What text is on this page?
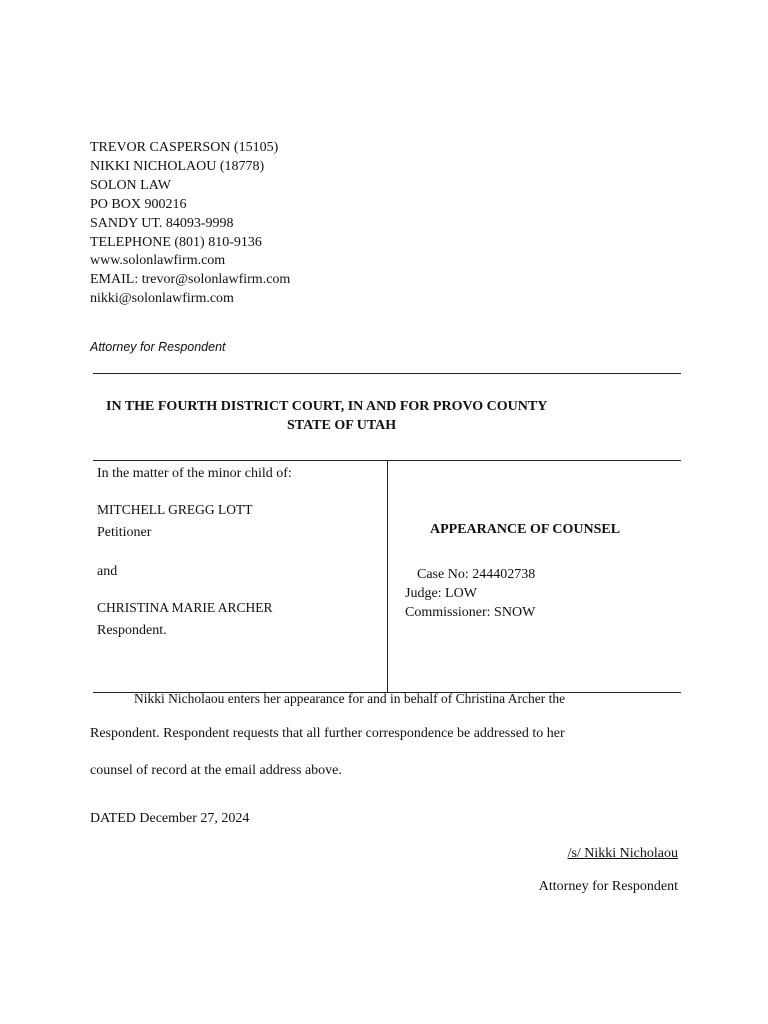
TREVOR CASPERSON (15105)
NIKKI NICHOLAOU (18778)
SOLON LAW
PO BOX 900216
SANDY UT. 84093-9998
TELEPHONE (801) 810-9136
www.solonlawfirm.com
EMAIL: trevor@solonlawfirm.com
nikki@solonlawfirm.com
Attorney for Respondent
IN THE FOURTH DISTRICT COURT, IN AND FOR PROVO COUNTY
STATE OF UTAH
In the matter of the minor child of:
MITCHELL GREGG LOTT
Petitioner
and
CHRISTINA MARIE ARCHER
Respondent.
APPEARANCE OF COUNSEL
Case No: 244402738
Judge: LOW
Commissioner: SNOW
Nikki Nicholaou enters her appearance for and in behalf of Christina Archer the
Respondent. Respondent requests that all further correspondence be addressed to her
counsel of record at the email address above.
DATED December 27, 2024
/s/ Nikki Nicholaou
Attorney for Respondent
